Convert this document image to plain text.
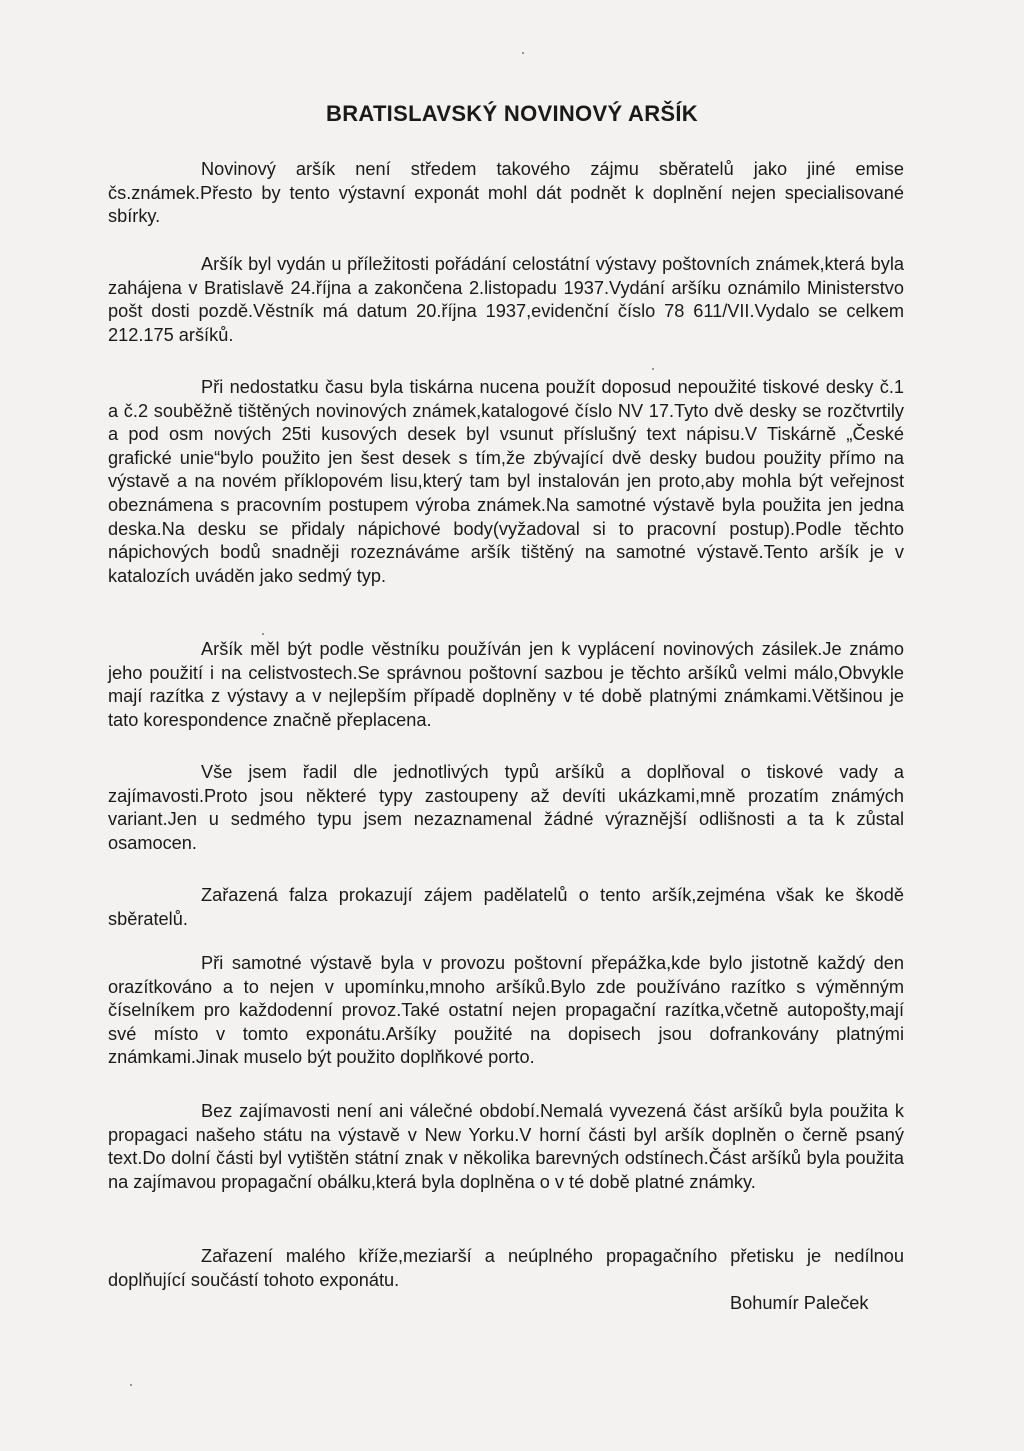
BRATISLAVSKÝ NOVINOVÝ ARŠÍK

Novinový aršík není středem takového zájmu sběratelů jako jiné emise čs.známek.Přesto by tento výstavní exponát mohl dát podnět k doplnění nejen specialisované sbírky.

Aršík byl vydán u příležitosti pořádání celostátní výstavy poštovních známek,která byla zahájena v Bratislavě 24.října a zakončena 2.listopadu 1937.Vydání aršíku oznámilo Ministerstvo pošt dosti pozdě.Věstník má datum 20.října 1937,evidenční číslo 78 611/VII.Vydalo se celkem 212.175 aršíků.

Při nedostatku času byla tiskárna nucena použít doposud nepoužité tiskové desky č.1 a č.2 souběžně tištěných novinových známek,katalogové číslo NV 17.Tyto dvě desky se rozčtvrtily a pod osm nových 25ti kusových desek byl vsunut příslušný text nápisu.V Tiskárně „České grafické unie“bylo použito jen šest desek s tím,že zbývající dvě desky budou použity přímo na výstavě a na novém příklopovém lisu,který tam byl instalován jen proto,aby mohla být veřejnost obeznámena s pracovním postupem výroba známek.Na samotné výstavě byla použita jen jedna deska.Na desku se přidaly nápichové body(vyžadoval si to pracovní postup).Podle těchto nápichových bodů snadněji rozeznáváme aršík tištěný na samotné výstavě.Tento aršík je v katalozích uváděn jako sedmý typ.

Aršík měl být podle věstníku používán jen k vyplácení novinových zásilek.Je známo jeho použití i na celistvostech.Se správnou poštovní sazbou je těchto aršíků velmi málo,Obvykle mají razítka z výstavy a v nejlepším případě doplněny v té době platnými známkami.Většinou je tato korespondence značně přeplacena.

Vše jsem řadil dle jednotlivých typů aršíků a doplňoval o tiskové vady a zajímavosti.Proto jsou některé typy zastoupeny až devíti ukázkami,mně prozatím známých variant.Jen u sedmého typu jsem nezaznamenal žádné výraznější odlišnosti a ta k zůstal osamocen.

Zařazená falza prokazují zájem padělatelů o tento aršík,zejména však ke škodě sběratelů.

Při samotné výstavě byla v provozu poštovní přepážka,kde bylo jistotně každý den orazítkováno a to nejen v upomínku,mnoho aršíků.Bylo zde používáno razítko s výměnným číselníkem pro každodenní provoz.Také ostatní nejen propagační razítka,včetně autopošty,mají své místo v tomto exponátu.Aršíky použité na dopisech jsou dofrankovány platnými známkami.Jinak muselo být použito doplňkové porto.

Bez zajímavosti není ani válečné období.Nemalá vyvezená část aršíků byla použita k propagaci našeho státu na výstavě v New Yorku.V horní části byl aršík doplněn o černě psaný text.Do dolní části byl vytištěn státní znak v několika barevných odstínech.Část aršíků byla použita na zajímavou propagační obálku,která byla doplněna o v té době platné známky.

Zařazení malého kříže,meziarší a neúplného propagačního přetisku je nedílnou doplňující součástí tohoto exponátu.

Bohumír Paleček
